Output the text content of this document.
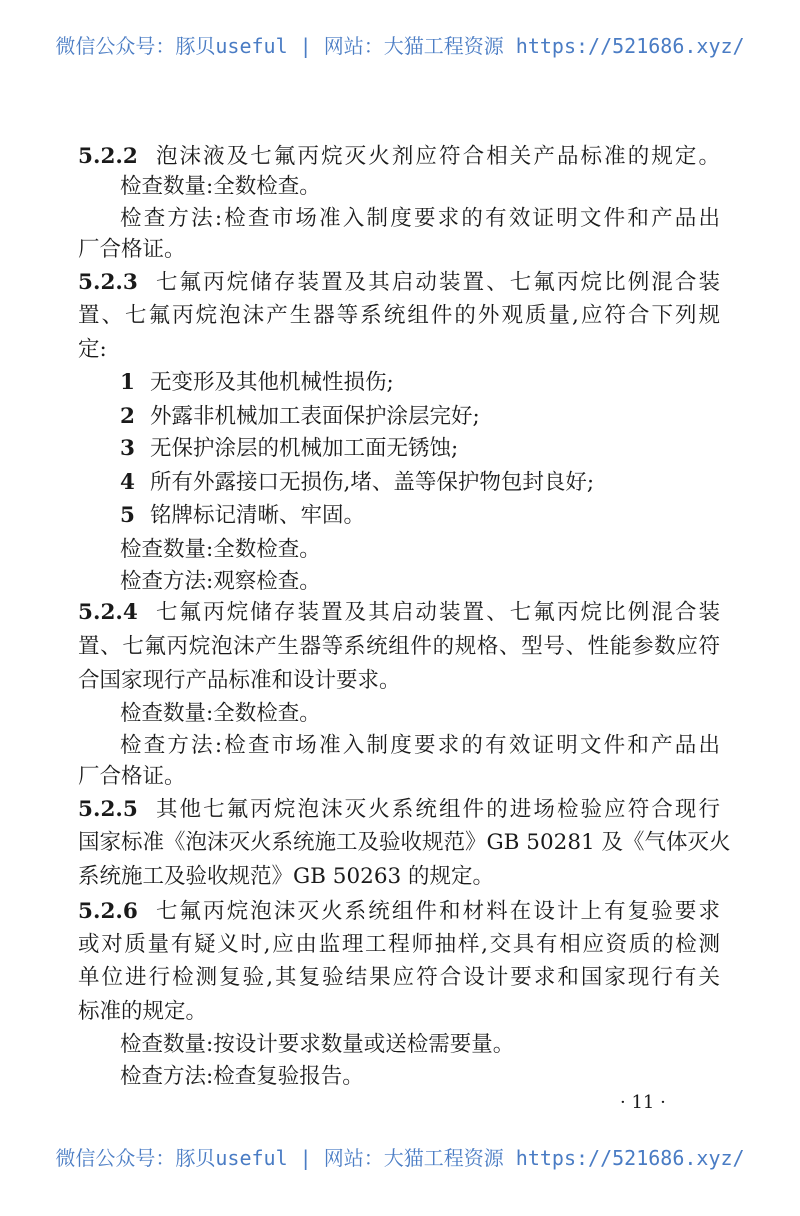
微信公众号：豚贝useful | 网站：大猫工程资源 https://521686.xyz/
5.2.2 泡沫液及七氟丙烷灭火剂应符合相关产品标准的规定。
检查数量:全数检查。
检查方法:检查市场准入制度要求的有效证明文件和产品出
厂合格证。
5.2.3 七氟丙烷储存装置及其启动装置、七氟丙烷比例混合装
置、七氟丙烷泡沫产生器等系统组件的外观质量,应符合下列规
定:
1 无变形及其他机械性损伤;
2 外露非机械加工表面保护涂层完好;
3 无保护涂层的机械加工面无锈蚀;
4 所有外露接口无损伤,堵、盖等保护物包封良好;
5 铭牌标记清晰、牢固。
检查数量:全数检查。
检查方法:观察检查。
5.2.4 七氟丙烷储存装置及其启动装置、七氟丙烷比例混合装
置、七氟丙烷泡沫产生器等系统组件的规格、型号、性能参数应符
合国家现行产品标准和设计要求。
检查数量:全数检查。
检查方法:检查市场准入制度要求的有效证明文件和产品出
厂合格证。
5.2.5 其他七氟丙烷泡沫灭火系统组件的进场检验应符合现行
国家标准《泡沫灭火系统施工及验收规范》GB 50281 及《气体灭火
系统施工及验收规范》GB 50263 的规定。
5.2.6 七氟丙烷泡沫灭火系统组件和材料在设计上有复验要求
或对质量有疑义时,应由监理工程师抽样,交具有相应资质的检测
单位进行检测复验,其复验结果应符合设计要求和国家现行有关
标准的规定。
检查数量:按设计要求数量或送检需要量。
检查方法:检查复验报告。
· 11 ·
微信公众号：豚贝useful | 网站：大猫工程资源 https://521686.xyz/
